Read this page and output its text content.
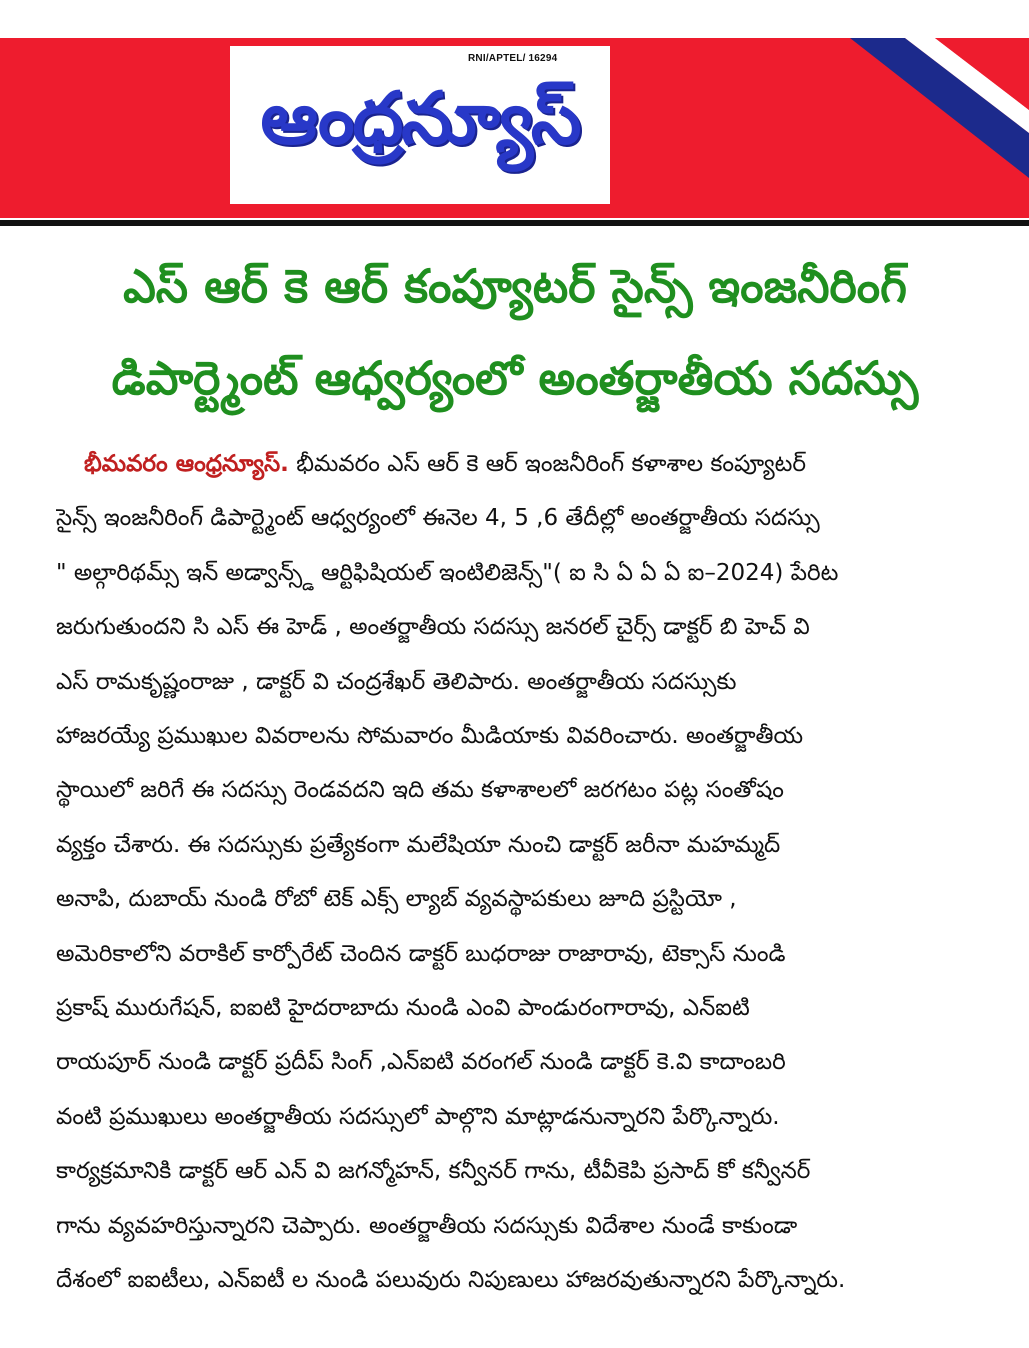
RNI/APTEL/ 16294
ఆంధ్రన్యూస్
ఎస్ ఆర్ కె ఆర్ కంప్యూటర్ సైన్స్ ఇంజనీరింగ్
డిపార్ట్మెంట్ ఆధ్వర్యంలో అంతర్జాతీయ సదస్సు
భీమవరం ఆంధ్రన్యూస్. భీమవరం ఎస్ ఆర్ కె ఆర్ ఇంజనీరింగ్ కళాశాల కంప్యూటర్
సైన్స్ ఇంజనీరింగ్ డిపార్ట్మెంట్ ఆధ్వర్యంలో ఈనెల 4, 5 ,6 తేదీల్లో అంతర్జాతీయ సదస్సు
" అల్గారిథమ్స్ ఇన్ అడ్వాన్స్డ్ ఆర్టిఫిషియల్ ఇంటిలిజెన్స్"( ఐ సి ఏ ఏ ఏ ఐ–2024) పేరిట
జరుగుతుందని సి ఎస్ ఈ హెడ్ , అంతర్జాతీయ సదస్సు జనరల్ చైర్స్ డాక్టర్ బి హెచ్ వి
ఎస్ రామకృష్ణంరాజు , డాక్టర్ వి చంద్రశేఖర్ తెలిపారు. అంతర్జాతీయ సదస్సుకు
హాజరయ్యే ప్రముఖుల వివరాలను సోమవారం మీడియాకు వివరించారు. అంతర్జాతీయ
స్థాయిలో జరిగే ఈ సదస్సు రెండవదని ఇది తమ కళాశాలలో జరగటం పట్ల సంతోషం
వ్యక్తం చేశారు. ఈ సదస్సుకు ప్రత్యేకంగా మలేషియా నుంచి డాక్టర్ జరీనా మహమ్మద్
అనాపి, దుబాయ్ నుండి రోబో టెక్ ఎక్స్ ల్యాబ్ వ్యవస్థాపకులు జూది ప్రస్టియో ,
అమెరికాలోని వరాకిల్ కార్పోరేట్ చెందిన డాక్టర్ బుధరాజు రాజారావు, టెక్సాస్ నుండి
ప్రకాష్ మురుగేషన్, ఐఐటి హైదరాబాదు నుండి ఎంవి పాండురంగారావు, ఎన్ఐటి
రాయపూర్ నుండి డాక్టర్ ప్రదీప్ సింగ్ ,ఎన్ఐటి వరంగల్ నుండి డాక్టర్ కె.వి కాదాంబరి
వంటి ప్రముఖులు అంతర్జాతీయ సదస్సులో పాల్గొని మాట్లాడనున్నారని పేర్కొన్నారు.
కార్యక్రమానికి డాక్టర్ ఆర్ ఎన్ వి జగన్మోహన్, కన్వీనర్ గాను, టీవీకెపి ప్రసాద్ కో కన్వీనర్
గాను వ్యవహరిస్తున్నారని చెప్పారు. అంతర్జాతీయ సదస్సుకు విదేశాల నుండే కాకుండా
దేశంలో ఐఐటీలు, ఎన్ఐటీ ల నుండి పలువురు నిపుణులు హాజరవుతున్నారని పేర్కొన్నారు.
